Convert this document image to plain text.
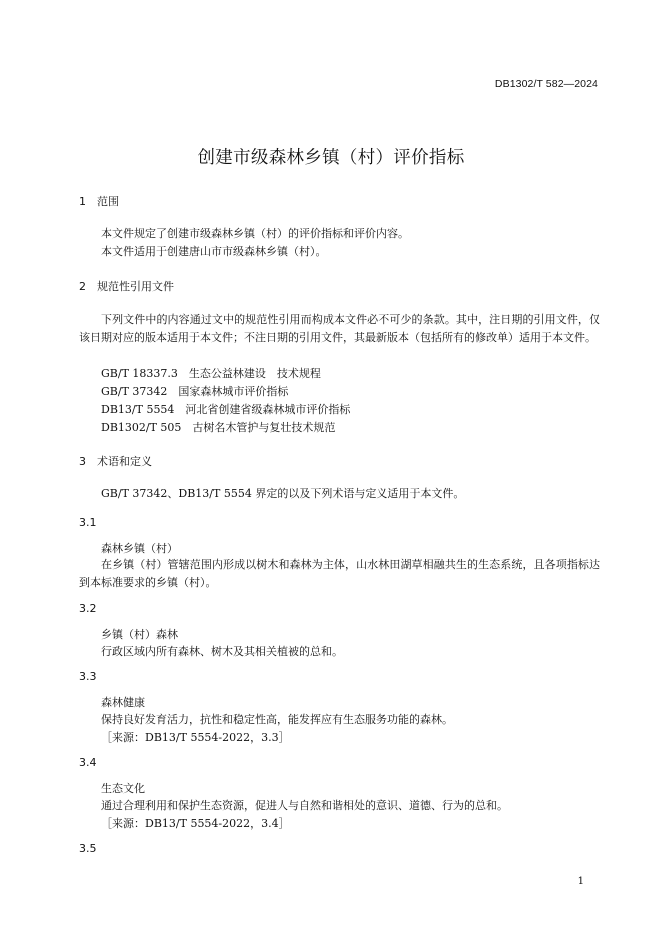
DB1302/T 582—2024
创建市级森林乡镇（村）评价指标
1 范围
本文件规定了创建市级森林乡镇（村）的评价指标和评价内容。
本文件适用于创建唐山市市级森林乡镇（村）。
2 规范性引用文件
下列文件中的内容通过文中的规范性引用而构成本文件必不可少的条款。其中，注日期的引用文件，仅该日期对应的版本适用于本文件；不注日期的引用文件，其最新版本（包括所有的修改单）适用于本文件。
GB/T 18337.3　生态公益林建设　技术规程
GB/T 37342　国家森林城市评价指标
DB13/T 5554　河北省创建省级森林城市评价指标
DB1302/T 505　古树名木管护与复壮技术规范
3 术语和定义
GB/T 37342、DB13/T 5554 界定的以及下列术语与定义适用于本文件。
3.1
森林乡镇（村）
在乡镇（村）管辖范围内形成以树木和森林为主体，山水林田湖草相融共生的生态系统，且各项指标达到本标准要求的乡镇（村）。
3.2
乡镇（村）森林
行政区域内所有森林、树木及其相关植被的总和。
3.3
森林健康
保持良好发育活力，抗性和稳定性高，能发挥应有生态服务功能的森林。
［来源：DB13/T 5554-2022，3.3］
3.4
生态文化
通过合理利用和保护生态资源，促进人与自然和谐相处的意识、道德、行为的总和。
［来源：DB13/T 5554-2022，3.4］
3.5
1
